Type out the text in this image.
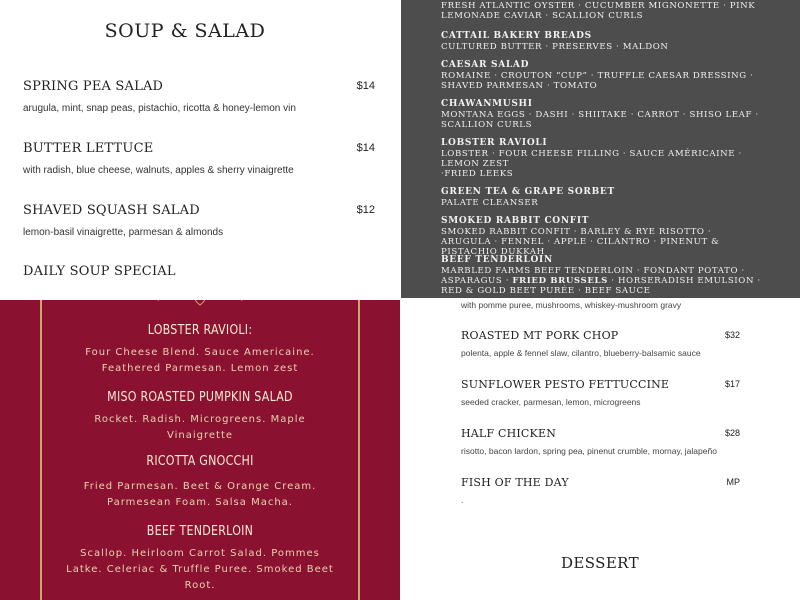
SOUP & SALAD
SPRING PEA SALAD	$14
arugula, mint, snap peas, pistachio, ricotta & honey-lemon vin
BUTTER LETTUCE	$14
with radish, blue cheese, walnuts, apples & sherry vinaigrette
SHAVED SQUASH SALAD	$12
lemon-basil vinaigrette, parmesan & almonds
DAILY SOUP SPECIAL
FRESH ATLANTIC OYSTER · CUCUMBER MIGNONETTE · PINK
LEMONADE CAVIAR · SCALLION CURLS
CATTAIL BAKERY BREADS
CULTURED BUTTER · PRESERVES · MALDON
CAESAR SALAD
ROMAINE · CROUTON “CUP” · TRUFFLE CAESAR DRESSING · SHAVED PARMESAN · TOMATO
CHAWANMUSHI
MONTANA EGGS · DASHI · SHIITAKE · CARROT · SHISO LEAF · SCALLION CURLS
LOBSTER RAVIOLI
LOBSTER · FOUR CHEESE FILLING · SAUCE AMÉRICAINE · LEMON ZEST
·FRIED LEEKS
GREEN TEA & GRAPE SORBET
PALATE CLEANSER
SMOKED RABBIT CONFIT
SMOKED RABBIT CONFIT · BARLEY & RYE RISOTTO · ARUGULA · FENNEL · APPLE · CILANTRO · PINENUT & PISTACHIO DUKKAH
BEEF TENDERLOIN
MARBLED FARMS BEEF TENDERLOIN · FONDANT POTATO · ASPARAGUS · FRIED BRUSSELS · HORSERADISH EMULSION · RED & GOLD BEET PURÉE · BEEF SAUCE
LOBSTER RAVIOLI:
Four Cheese Blend. Sauce Americaine. Feathered Parmesan. Lemon zest
MISO ROASTED PUMPKIN SALAD
Rocket. Radish. Microgreens. Maple Vinaigrette
RICOTTA GNOCCHI
Fried Parmesan. Beet & Orange Cream. Parmesean Foam. Salsa Macha.
BEEF TENDERLOIN
Scallop. Heirloom Carrot Salad. Pommes Latke. Celeriac & Truffle Puree. Smoked Beet Root.
with pomme puree, mushrooms, whiskey-mushroom gravy
ROASTED MT PORK CHOP	$32
polenta, apple & fennel slaw, cilantro, blueberry-balsamic sauce
SUNFLOWER PESTO FETTUCCINE	$17
seeded cracker, parmesan, lemon, microgreens
HALF CHICKEN	$28
risotto, bacon lardon, spring pea, pinenut crumble, mornay, jalapeño
FISH OF THE DAY	MP
.
DESSERT
